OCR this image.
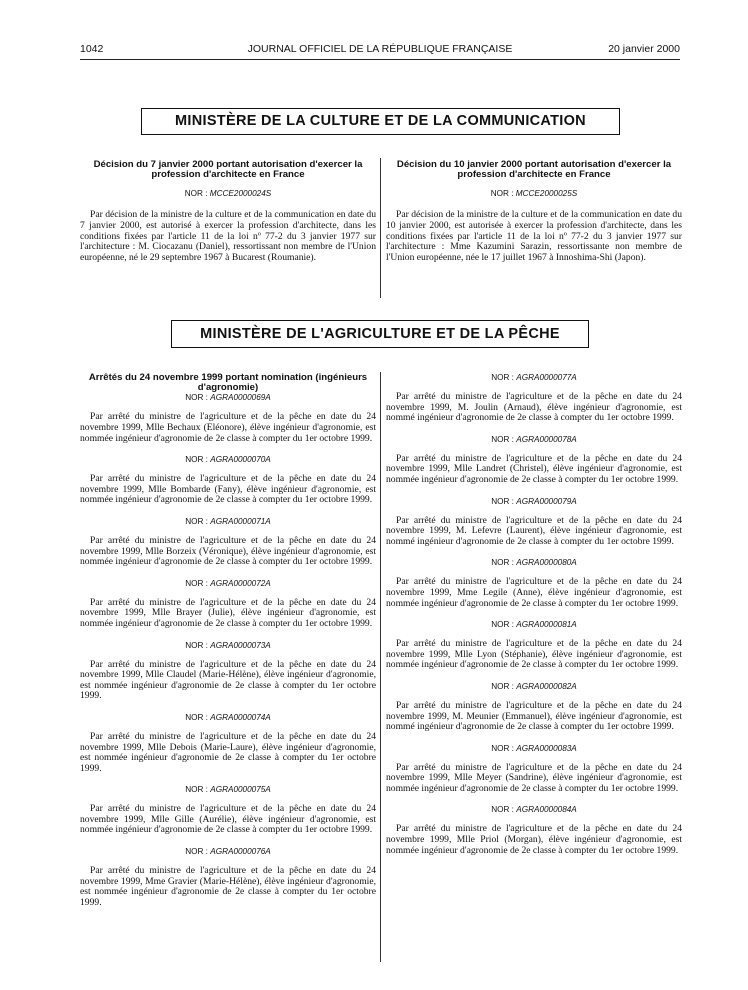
1042	JOURNAL OFFICIEL DE LA RÉPUBLIQUE FRANÇAISE	20 janvier 2000
MINISTÈRE DE LA CULTURE ET DE LA COMMUNICATION
Décision du 7 janvier 2000 portant autorisation d'exercer la profession d'architecte en France
NOR : MCCE2000024S

Par décision de la ministre de la culture et de la communication en date du 7 janvier 2000, est autorisé à exercer la profession d'architecte, dans les conditions fixées par l'article 11 de la loi nº 77-2 du 3 janvier 1977 sur l'architecture : M. Ciocazanu (Daniel), ressortissant non membre de l'Union européenne, né le 29 septembre 1967 à Bucarest (Roumanie).

Décision du 10 janvier 2000 portant autorisation d'exercer la profession d'architecte en France
NOR : MCCE2000025S

Par décision de la ministre de la culture et de la communication en date du 10 janvier 2000, est autorisée à exercer la profession d'architecte, dans les conditions fixées par l'article 11 de la loi nº 77-2 du 3 janvier 1977 sur l'architecture : Mme Kazumini Sarazin, ressortissante non membre de l'Union européenne, née le 17 juillet 1967 à Innoshima-Shi (Japon).

MINISTÈRE DE L'AGRICULTURE ET DE LA PÊCHE
Arrêtés du 24 novembre 1999 portant nomination (ingénieurs d'agronomie)
NOR : AGRA0000069A

Par arrêté du ministre de l'agriculture et de la pêche en date du 24 novembre 1999, Mlle Bechaux (Eléonore), élève ingénieur d'agronomie, est nommée ingénieur d'agronomie de 2e classe à compter du 1er octobre 1999.

NOR : AGRA0000070A

Par arrêté du ministre de l'agriculture et de la pêche en date du 24 novembre 1999, Mlle Bombarde (Fany), élève ingénieur d'agronomie, est nommée ingénieur d'agronomie de 2e classe à compter du 1er octobre 1999.

NOR : AGRA0000071A

Par arrêté du ministre de l'agriculture et de la pêche en date du 24 novembre 1999, Mlle Borzeix (Véronique), élève ingénieur d'agronomie, est nommée ingénieur d'agronomie de 2e classe à compter du 1er octobre 1999.

NOR : AGRA0000072A

Par arrêté du ministre de l'agriculture et de la pêche en date du 24 novembre 1999, Mlle Brayer (Julie), élève ingénieur d'agronomie, est nommée ingénieur d'agronomie de 2e classe à compter du 1er octobre 1999.

NOR : AGRA0000073A

Par arrêté du ministre de l'agriculture et de la pêche en date du 24 novembre 1999, Mlle Claudel (Marie-Hélène), élève ingénieur d'agronomie, est nommée ingénieur d'agronomie de 2e classe à compter du 1er octobre 1999.

NOR : AGRA0000074A

Par arrêté du ministre de l'agriculture et de la pêche en date du 24 novembre 1999, Mlle Debois (Marie-Laure), élève ingénieur d'agronomie, est nommée ingénieur d'agronomie de 2e classe à compter du 1er octobre 1999.

NOR : AGRA0000075A

Par arrêté du ministre de l'agriculture et de la pêche en date du 24 novembre 1999, Mlle Gille (Aurélie), élève ingénieur d'agronomie, est nommée ingénieur d'agronomie de 2e classe à compter du 1er octobre 1999.

NOR : AGRA0000076A

Par arrêté du ministre de l'agriculture et de la pêche en date du 24 novembre 1999, Mme Gravier (Marie-Hélène), élève ingénieur d'agronomie, est nommée ingénieur d'agronomie de 2e classe à compter du 1er octobre 1999.

NOR : AGRA0000077A

Par arrêté du ministre de l'agriculture et de la pêche en date du 24 novembre 1999, M. Joulin (Arnaud), élève ingénieur d'agronomie, est nommé ingénieur d'agronomie de 2e classe à compter du 1er octobre 1999.

NOR : AGRA0000078A

Par arrêté du ministre de l'agriculture et de la pêche en date du 24 novembre 1999, Mlle Landret (Christel), élève ingénieur d'agronomie, est nommée ingénieur d'agronomie de 2e classe à compter du 1er octobre 1999.

NOR : AGRA0000079A

Par arrêté du ministre de l'agriculture et de la pêche en date du 24 novembre 1999, M. Lefevre (Laurent), élève ingénieur d'agronomie, est nommé ingénieur d'agronomie de 2e classe à compter du 1er octobre 1999.

NOR : AGRA0000080A

Par arrêté du ministre de l'agriculture et de la pêche en date du 24 novembre 1999, Mme Legile (Anne), élève ingénieur d'agronomie, est nommée ingénieur d'agronomie de 2e classe à compter du 1er octobre 1999.

NOR : AGRA0000081A

Par arrêté du ministre de l'agriculture et de la pêche en date du 24 novembre 1999, Mlle Lyon (Stéphanie), élève ingénieur d'agronomie, est nommée ingénieur d'agronomie de 2e classe à compter du 1er octobre 1999.

NOR : AGRA0000082A

Par arrêté du ministre de l'agriculture et de la pêche en date du 24 novembre 1999, M. Meunier (Emmanuel), élève ingénieur d'agronomie, est nommé ingénieur d'agronomie de 2e classe à compter du 1er octobre 1999.

NOR : AGRA0000083A

Par arrêté du ministre de l'agriculture et de la pêche en date du 24 novembre 1999, Mlle Meyer (Sandrine), élève ingénieur d'agronomie, est nommée ingénieur d'agronomie de 2e classe à compter du 1er octobre 1999.

NOR : AGRA0000084A

Par arrêté du ministre de l'agriculture et de la pêche en date du 24 novembre 1999, Mlle Priol (Morgan), élève ingénieur d'agronomie, est nommée ingénieur d'agronomie de 2e classe à compter du 1er octobre 1999.
